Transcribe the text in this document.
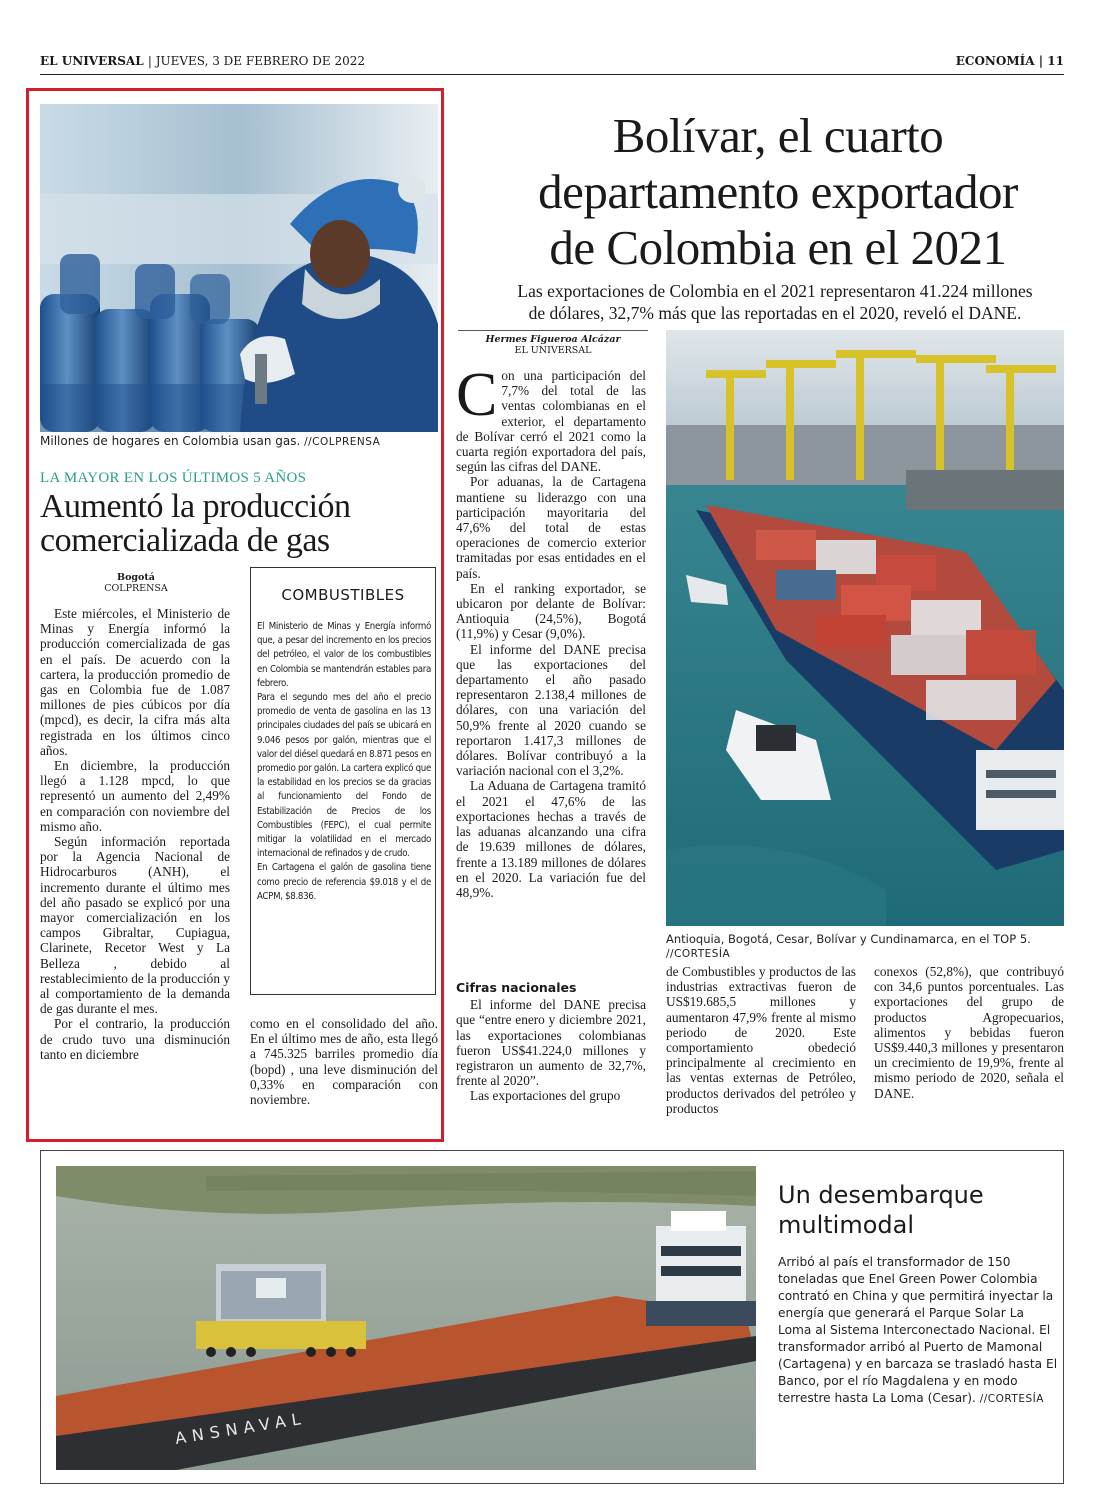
EL UNIVERSAL | JUEVES, 3 DE FEBRERO DE 2022	ECONOMÍA | 11
Millones de hogares en Colombia usan gas. //COLPRENSA
LA MAYOR EN LOS ÚLTIMOS 5 AÑOS
Aumentó la producción
comercializada de gas
Bogotá
COLPRENSA

Este miércoles, el Ministerio de Minas y Energía informó la producción comercializada de gas en el país. De acuerdo con la cartera, la producción promedio de gas en Colombia fue de 1.087 millones de pies cúbicos por día (mpcd), es decir, la cifra más alta registrada en los últimos cinco años.

En diciembre, la producción llegó a 1.128 mpcd, lo que representó un aumento del 2,49% en comparación con noviembre del mismo año.

Según información reportada por la Agencia Nacional de Hidrocarburos (ANH), el incremento durante el último mes del año pasado se explicó por una mayor comercialización en los campos Gibraltar, Cupiagua, Clarinete, Recetor West y La Belleza , debido al restablecimiento de la producción y al comportamiento de la demanda de gas durante el mes.

Por el contrario, la producción de crudo tuvo una disminución tanto en diciembre

COMBUSTIBLES

El Ministerio de Minas y Energía informó que, a pesar del incremento en los precios del petróleo, el valor de los combustibles en Colombia se mantendrán estables para febrero.

Para el segundo mes del año el precio promedio de venta de gasolina en las 13 principales ciudades del país se ubicará en 9.046 pesos por galón, mientras que el valor del diésel quedará en 8.871 pesos en promedio por galón. La cartera explicó que la estabilidad en los precios se da gracias al funcionamiento del Fondo de Estabilización de Precios de los Combustibles (FEPC), el cual permite mitigar la volatilidad en el mercado internacional de refinados y de crudo.

En Cartagena el galón de gasolina tiene como precio de referencia $9.018 y el de ACPM, $8.836.

como en el consolidado del año. En el último mes de año, esta llegó a 745.325 barriles promedio día (bopd) , una leve disminución del 0,33% en comparación con noviembre.

Bolívar, el cuarto
departamento exportador
de Colombia en el 2021
Las exportaciones de Colombia en el 2021 representaron 41.224 millones
de dólares, 32,7% más que las reportadas en el 2020, reveló el DANE.
Hermes Figueroa Alcázar
EL UNIVERSAL
C on una participación del 7,7% del total de las ventas colombianas en el exterior, el departamento de Bolívar cerró el 2021 como la cuarta región exportadora del país, según las cifras del DANE.

Por aduanas, la de Cartagena mantiene su liderazgo con una participación mayoritaria del 47,6% del total de estas operaciones de comercio exterior tramitadas por esas entidades en el país.

En el ranking exportador, se ubicaron por delante de Bolívar: Antioquia (24,5%), Bogotá (11,9%) y Cesar (9,0%).

El informe del DANE precisa que las exportaciones del departamento el año pasado representaron 2.138,4 millones de dólares, con una variación del 50,9% frente al 2020 cuando se reportaron 1.417,3 millones de dólares. Bolívar contribuyó a la variación nacional con el 3,2%.

La Aduana de Cartagena tramitó el 2021 el 47,6% de las exportaciones hechas a través de las aduanas alcanzando una cifra de 19.639 millones de dólares, frente a 13.189 millones de dólares en el 2020. La variación fue del 48,9%.

Cifras nacionales

El informe del DANE precisa que “entre enero y diciembre 2021, las exportaciones colombianas fueron US$41.224,0 millones y registraron un aumento de 32,7%, frente al 2020”.

Las exportaciones del grupo

Antioquia, Bogotá, Cesar, Bolívar y Cundinamarca, en el TOP 5. //CORTESÍA

de Combustibles y productos de las industrias extractivas fueron de US$19.685,5 millones y aumentaron 47,9% frente al mismo periodo de 2020. Este comportamiento obedeció principalmente al crecimiento en las ventas externas de Petróleo, productos derivados del petróleo y productos

conexos (52,8%), que contribuyó con 34,6 puntos porcentuales. Las exportaciones del grupo de productos Agropecuarios, alimentos y bebidas fueron US$9.440,3 millones y presentaron un crecimiento de 19,9%, frente al mismo periodo de 2020, señala el DANE.

ANSNAVAL
Un desembarque
multimodal
Arribó al país el transformador de 150 toneladas que Enel Green Power Colombia contrató en China y que permitirá inyectar la energía que generará el Parque Solar La Loma al Sistema Interconectado Nacional. El transformador arribó al Puerto de Mamonal (Cartagena) y en barcaza se trasladó hasta El Banco, por el río Magdalena y en modo terrestre hasta La Loma (Cesar). //CORTESÍA
